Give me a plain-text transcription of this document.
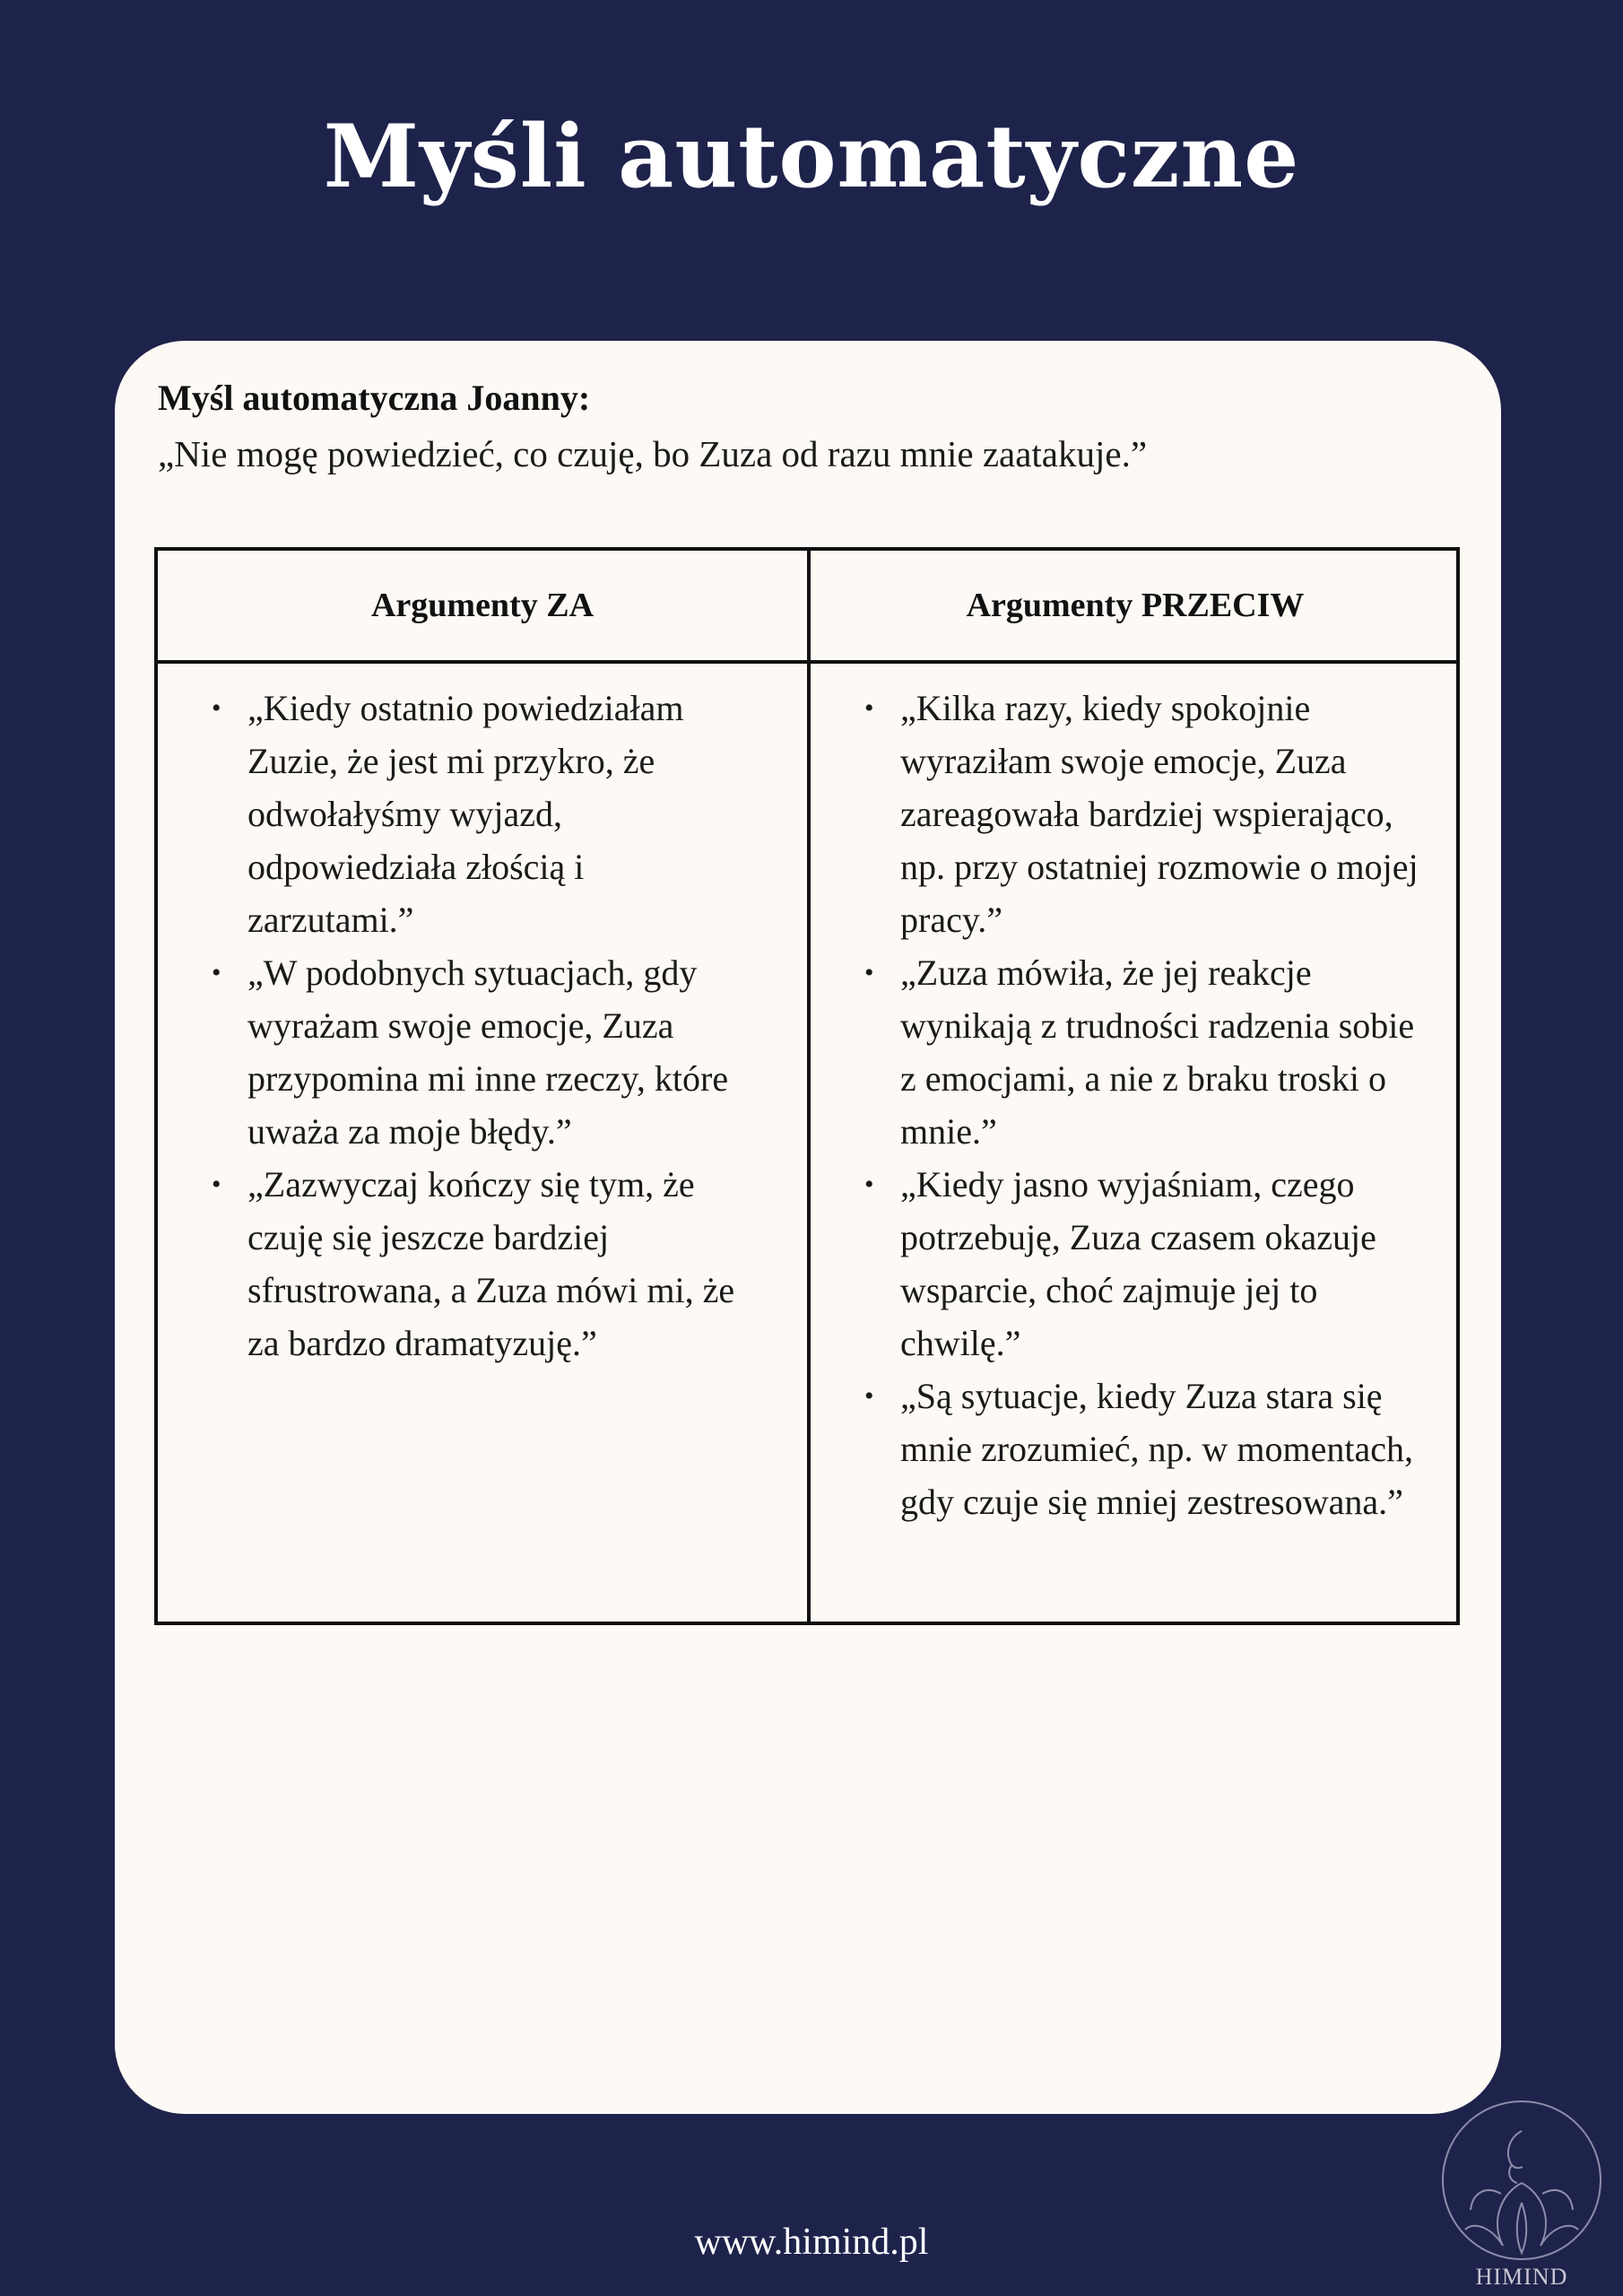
Myśli automatyczne
Myśl automatyczna Joanny:
„Nie mogę powiedzieć, co czuję, bo Zuza od razu mnie zaatakuje.”
Argumenty ZA	Argumenty PRZECIW
• „Kiedy ostatnio powiedziałam Zuzie, że jest mi przykro, że odwołałyśmy wyjazd, odpowiedziała złością i zarzutami.”
• „W podobnych sytuacjach, gdy wyrażam swoje emocje, Zuza przypomina mi inne rzeczy, które uważa za moje błędy.”
• „Zazwyczaj kończy się tym, że czuję się jeszcze bardziej sfrustrowana, a Zuza mówi mi, że za bardzo dramatyzuję.”
• „Kilka razy, kiedy spokojnie wyraziłam swoje emocje, Zuza zareagowała bardziej wspierająco, np. przy ostatniej rozmowie o mojej pracy.”
• „Zuza mówiła, że jej reakcje wynikają z trudności radzenia sobie z emocjami, a nie z braku troski o mnie.”
• „Kiedy jasno wyjaśniam, czego potrzebuję, Zuza czasem okazuje wsparcie, choć zajmuje jej to chwilę.”
• „Są sytuacje, kiedy Zuza stara się mnie zrozumieć, np. w momentach, gdy czuje się mniej zestresowana.”
www.himind.pl
HIMIND
